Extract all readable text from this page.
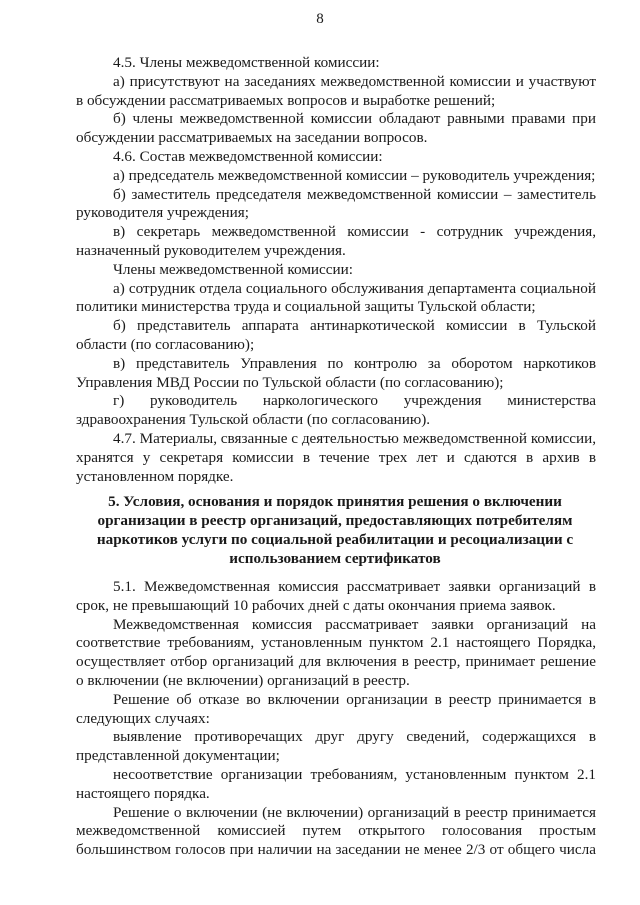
8

4.5. Члены межведомственной комиссии:

а) присутствуют на заседаниях межведомственной комиссии и участвуют в обсуждении рассматриваемых вопросов и выработке решений;

б) члены межведомственной комиссии обладают равными правами при обсуждении рассматриваемых на заседании вопросов.

4.6. Состав межведомственной комиссии:

а) председатель межведомственной комиссии – руководитель учреждения;

б) заместитель председателя межведомственной комиссии – заместитель руководителя учреждения;

в) секретарь межведомственной комиссии - сотрудник учреждения, назначенный руководителем учреждения.

Члены межведомственной комиссии:

а) сотрудник отдела социального обслуживания департамента социальной политики министерства труда и социальной защиты Тульской области;

б) представитель аппарата антинаркотической комиссии в Тульской области (по согласованию);

в) представитель Управления по контролю за оборотом наркотиков Управления МВД России по Тульской области (по согласованию);

г) руководитель наркологического учреждения министерства здравоохранения Тульской области (по согласованию).

4.7. Материалы, связанные с деятельностью межведомственной комиссии, хранятся у секретаря комиссии в течение трех лет и сдаются в архив в установленном порядке.

5. Условия, основания и порядок принятия решения о включении организации в реестр организаций, предоставляющих потребителям наркотиков услуги по социальной реабилитации и ресоциализации с использованием сертификатов

5.1. Межведомственная комиссия рассматривает заявки организаций в срок, не превышающий 10 рабочих дней с даты окончания приема заявок.

Межведомственная комиссия рассматривает заявки организаций на соответствие требованиям, установленным пунктом 2.1 настоящего Порядка, осуществляет отбор организаций для включения в реестр, принимает решение о включении (не включении) организаций в реестр.

Решение об отказе во включении организации в реестр принимается в следующих случаях:

выявление противоречащих друг другу сведений, содержащихся в представленной документации;

несоответствие организации требованиям, установленным пунктом 2.1 настоящего порядка.

Решение о включении (не включении) организаций в реестр принимается межведомственной комиссией путем открытого голосования простым большинством голосов при наличии на заседании не менее 2/3 от общего числа
